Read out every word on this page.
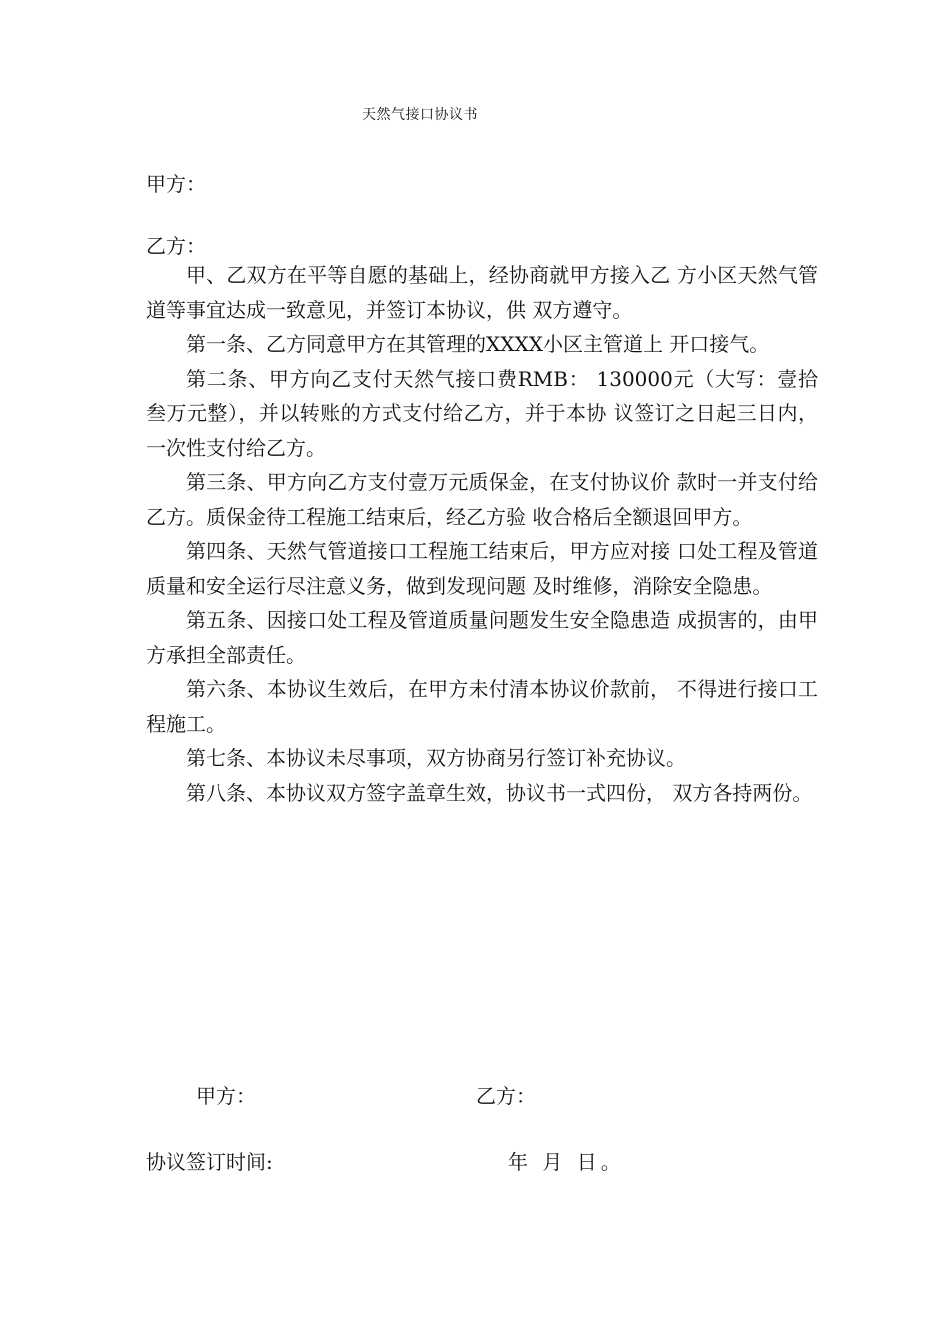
天然气接口协议书
甲方：
乙方：

甲、乙双方在平等自愿的基础上，经协商就甲方接入乙 方小区天然气管道等事宜达成一致意见，并签订本协议，供 双方遵守。

第一条、乙方同意甲方在其管理的XXXX小区主管道上 开口接气。

第二条、甲方向乙支付天然气接口费RMB： 130000元（大写：壹拾叁万元整），并以转账的方式支付给乙方，并于本协 议签订之日起三日内，一次性支付给乙方。

第三条、甲方向乙方支付壹万元质保金，在支付协议价 款时一并支付给乙方。质保金待工程施工结束后，经乙方验 收合格后全额退回甲方。

第四条、天然气管道接口工程施工结束后，甲方应对接 口处工程及管道质量和安全运行尽注意义务，做到发现问题 及时维修，消除安全隐患。

第五条、因接口处工程及管道质量问题发生安全隐患造 成损害的，由甲方承担全部责任。

第六条、本协议生效后，在甲方未付清本协议价款前， 不得进行接口工程施工。

第七条、本协议未尽事项，双方协商另行签订补充协议。

第八条、本协议双方签字盖章生效，协议书一式四份， 双方各持两份。

甲方：	乙方：
协议签订时间:	年 月 日。
